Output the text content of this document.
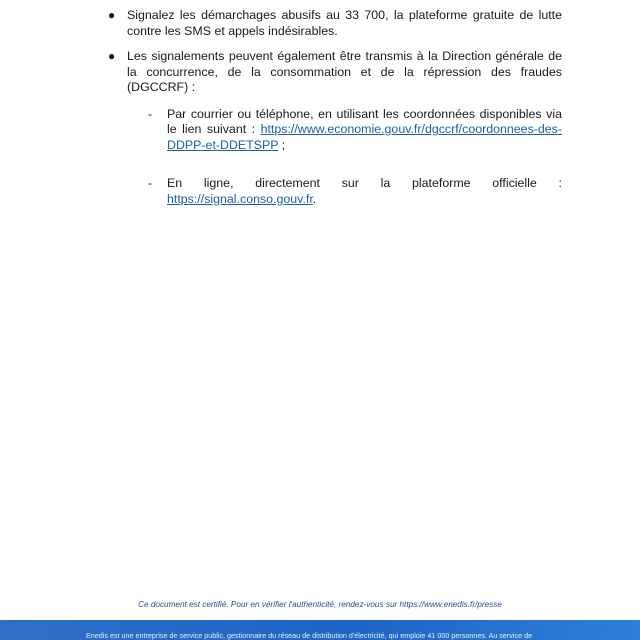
● Signalez les démarchages abusifs au 33 700, la plateforme gratuite de lutte contre les SMS et appels indésirables.
● Les signalements peuvent également être transmis à la Direction générale de la concurrence, de la consommation et de la répression des fraudes (DGCCRF) :
- Par courrier ou téléphone, en utilisant les coordonnées disponibles via le lien suivant : https://www.economie.gouv.fr/dgccrf/coordonnees-des-DDPP-et-DDETSPP ;
- En ligne, directement sur la plateforme officielle : https://signal.conso.gouv.fr.

Ce document est certifié. Pour en vérifier l'authenticité, rendez-vous sur https://www.enedis.fr/presse

Enedis est une entreprise de service public, gestionnaire du réseau de distribution d'électricité, qui emploie 41 000 personnes. Au service de
